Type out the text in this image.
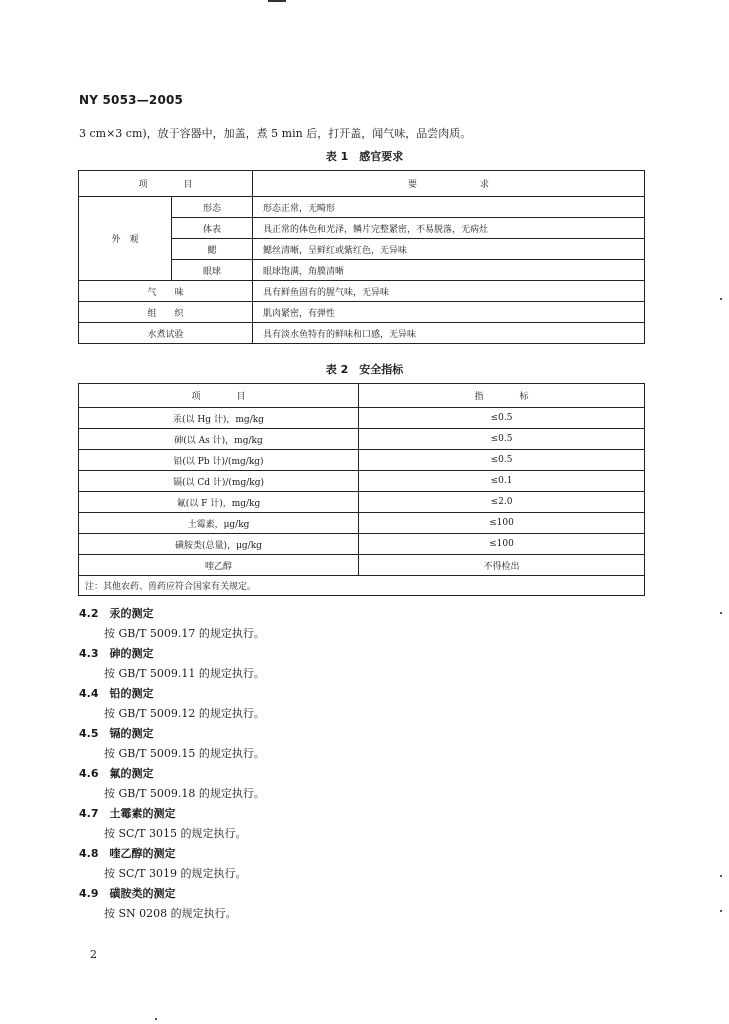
NY 5053—2005
3 cm×3 cm)，放于容器中，加盖，煮 5 min 后，打开盖，闻气味，品尝肉质。
表 1　感官要求
项　　　　目		要　　　　　　　求
外　观	形态	形态正常，无畸形
	体表	具正常的体色和光泽，鳞片完整紧密，不易脱落，无病灶
	鳃	鳃丝清晰，呈鲜红或紫红色，无异味
	眼球	眼球饱满，角膜清晰
气　　味		具有鲜鱼固有的腥气味，无异味
组　　织		肌肉紧密，有弹性
水煮试验		具有淡水鱼特有的鲜味和口感，无异味
表 2　安全指标
项　　　　目	指　　　　标
汞(以 Hg 计)，mg/kg	≤0.5
砷(以 As 计)，mg/kg	≤0.5
铅(以 Pb 计)/(mg/kg)	≤0.5
镉(以 Cd 计)/(mg/kg)	≤0.1
氟(以 F 计)，mg/kg	≤2.0
土霉素，μg/kg	≤100
磺胺类(总量)，μg/kg	≤100
喹乙醇	不得检出
注：其他农药、兽药应符合国家有关规定。	
4.2　 汞的测定
按 GB/T 5009.17 的规定执行。
4.3　 砷的测定
按 GB/T 5009.11 的规定执行。
4.4　 铅的测定
按 GB/T 5009.12 的规定执行。
4.5　 镉的测定
按 GB/T 5009.15 的规定执行。
4.6　 氟的测定
按 GB/T 5009.18 的规定执行。
4.7　 土霉素的测定
按 SC/T 3015 的规定执行。
4.8　 喹乙醇的测定
按 SC/T 3019 的规定执行。
4.9　 磺胺类的测定
按 SN 0208 的规定执行。
2
